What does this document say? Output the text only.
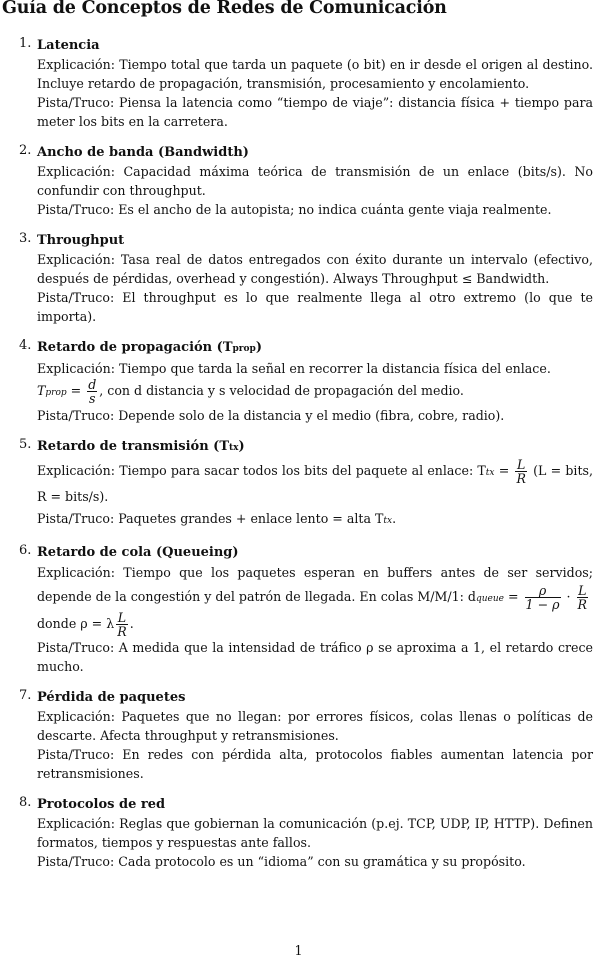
Guía de Conceptos de Redes de Comunicación
1. Latencia

Explicación: Tiempo total que tarda un paquete (o bit) en ir desde el origen al destino. Incluye retardo de propagación, transmisión, procesamiento y encolamiento.

Pista/Truco: Piensa la latencia como “tiempo de viaje”: distancia física + tiempo para meter los bits en la carretera.

2. Ancho de banda (Bandwidth)

Explicación: Capacidad máxima teórica de transmisión de un enlace (bits/s). No confundir con throughput.

Pista/Truco: Es el ancho de la autopista; no indica cuánta gente viaja realmente.

3. Throughput

Explicación: Tasa real de datos entregados con éxito durante un intervalo (efectivo, después de pérdidas, overhead y congestión). Always Throughput ≤ Bandwidth.

Pista/Truco: El throughput es lo que realmente llega al otro extremo (lo que te importa).

4. Retardo de propagación (Tprop)

Explicación: Tiempo que tarda la señal en recorrer la distancia física del enlace.

Tprop = $\frac{d}{s}$ , con d distancia y s velocidad de propagación del medio.

Pista/Truco: Depende solo de la distancia y el medio (fibra, cobre, radio).

5. Retardo de transmisión (Ttx)

Explicación: Tiempo para sacar todos los bits del paquete al enlace: Ttx = $\frac{L}{R} (L$ = bits, R = bits/s).

Pista/Truco: Paquetes grandes + enlace lento = alta Ttx.

6. Retardo de cola (Queueing)

Explicación: Tiempo que los paquetes esperan en buffers antes de ser servidos; depende de la congestión y del patrón de llegada. En colas M/M/1: dqueue = $\frac{\rho}{1 - \rho} \cdot \frac{L}{R}$

donde ρ = λ $\frac{L}{R}$ .

Pista/Truco: A medida que la intensidad de tráfico ρ se aproxima a 1, el retardo crece mucho.

7. Pérdida de paquetes

Explicación: Paquetes que no llegan: por errores físicos, colas llenas o políticas de descarte. Afecta throughput y retransmisiones.

Pista/Truco: En redes con pérdida alta, protocolos fiables aumentan latencia por retransmisiones.

8. Protocolos de red

Explicación: Reglas que gobiernan la comunicación (p.ej. TCP, UDP, IP, HTTP). Definen formatos, tiempos y respuestas ante fallos.

Pista/Truco: Cada protocolo es un “idioma” con su gramática y su propósito.

1
